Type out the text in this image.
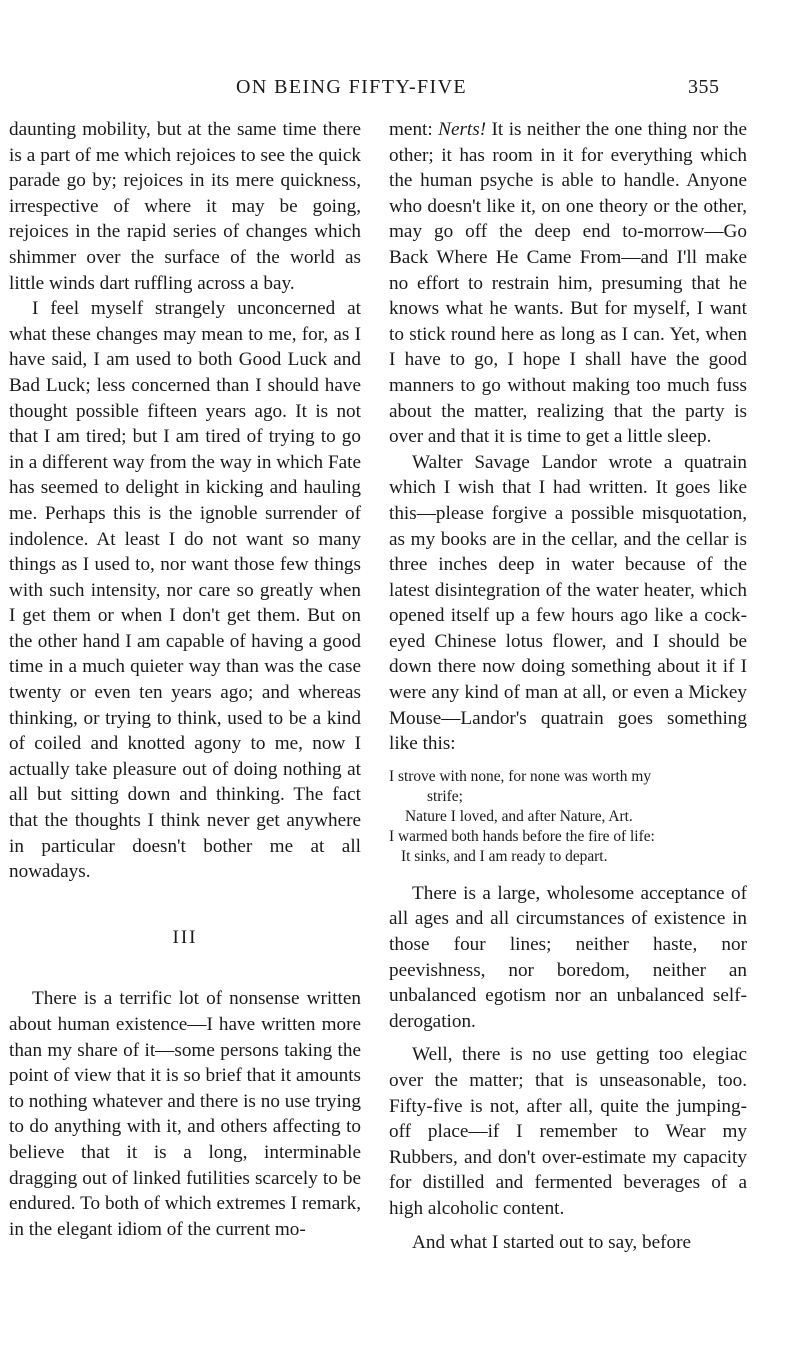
ON BEING FIFTY-FIVE	355

daunting mobility, but at the same time there is a part of me which rejoices to see the quick parade go by; rejoices in its mere quickness, irrespective of where it may be going, rejoices in the rapid series of changes which shimmer over the surface of the world as little winds dart ruffling across a bay.

I feel myself strangely unconcerned at what these changes may mean to me, for, as I have said, I am used to both Good Luck and Bad Luck; less concerned than I should have thought possible fifteen years ago. It is not that I am tired; but I am tired of trying to go in a different way from the way in which Fate has seemed to delight in kicking and hauling me. Perhaps this is the ignoble surrender of indolence. At least I do not want so many things as I used to, nor want those few things with such intensity, nor care so greatly when I get them or when I don't get them. But on the other hand I am capable of having a good time in a much quieter way than was the case twenty or even ten years ago; and whereas thinking, or trying to think, used to be a kind of coiled and knotted agony to me, now I actually take pleasure out of doing nothing at all but sitting down and thinking. The fact that the thoughts I think never get anywhere in particular doesn't bother me at all nowadays.

III

There is a terrific lot of nonsense written about human existence—I have written more than my share of it—some persons taking the point of view that it is so brief that it amounts to nothing whatever and there is no use trying to do anything with it, and others affecting to believe that it is a long, interminable dragging out of linked futilities scarcely to be endured. To both of which extremes I remark, in the elegant idiom of the current mo-

ment: Nerts! It is neither the one thing nor the other; it has room in it for everything which the human psyche is able to handle. Anyone who doesn't like it, on one theory or the other, may go off the deep end to-morrow—Go Back Where He Came From—and I'll make no effort to restrain him, presuming that he knows what he wants. But for myself, I want to stick round here as long as I can. Yet, when I have to go, I hope I shall have the good manners to go without making too much fuss about the matter, realizing that the party is over and that it is time to get a little sleep.

Walter Savage Landor wrote a quatrain which I wish that I had written. It goes like this—please forgive a possible misquotation, as my books are in the cellar, and the cellar is three inches deep in water because of the latest disintegration of the water heater, which opened itself up a few hours ago like a cock-eyed Chinese lotus flower, and I should be down there now doing something about it if I were any kind of man at all, or even a Mickey Mouse—Landor's quatrain goes something like this:

I strove with none, for none was worth my
strife;
Nature I loved, and after Nature, Art.
I warmed both hands before the fire of life:
It sinks, and I am ready to depart.

There is a large, wholesome acceptance of all ages and all circumstances of existence in those four lines; neither haste, nor peevishness, nor boredom, neither an unbalanced egotism nor an unbalanced self-derogation.

Well, there is no use getting too elegiac over the matter; that is unseasonable, too. Fifty-five is not, after all, quite the jumping-off place—if I remember to Wear my Rubbers, and don't over-estimate my capacity for distilled and fermented beverages of a high alcoholic content.

And what I started out to say, before
